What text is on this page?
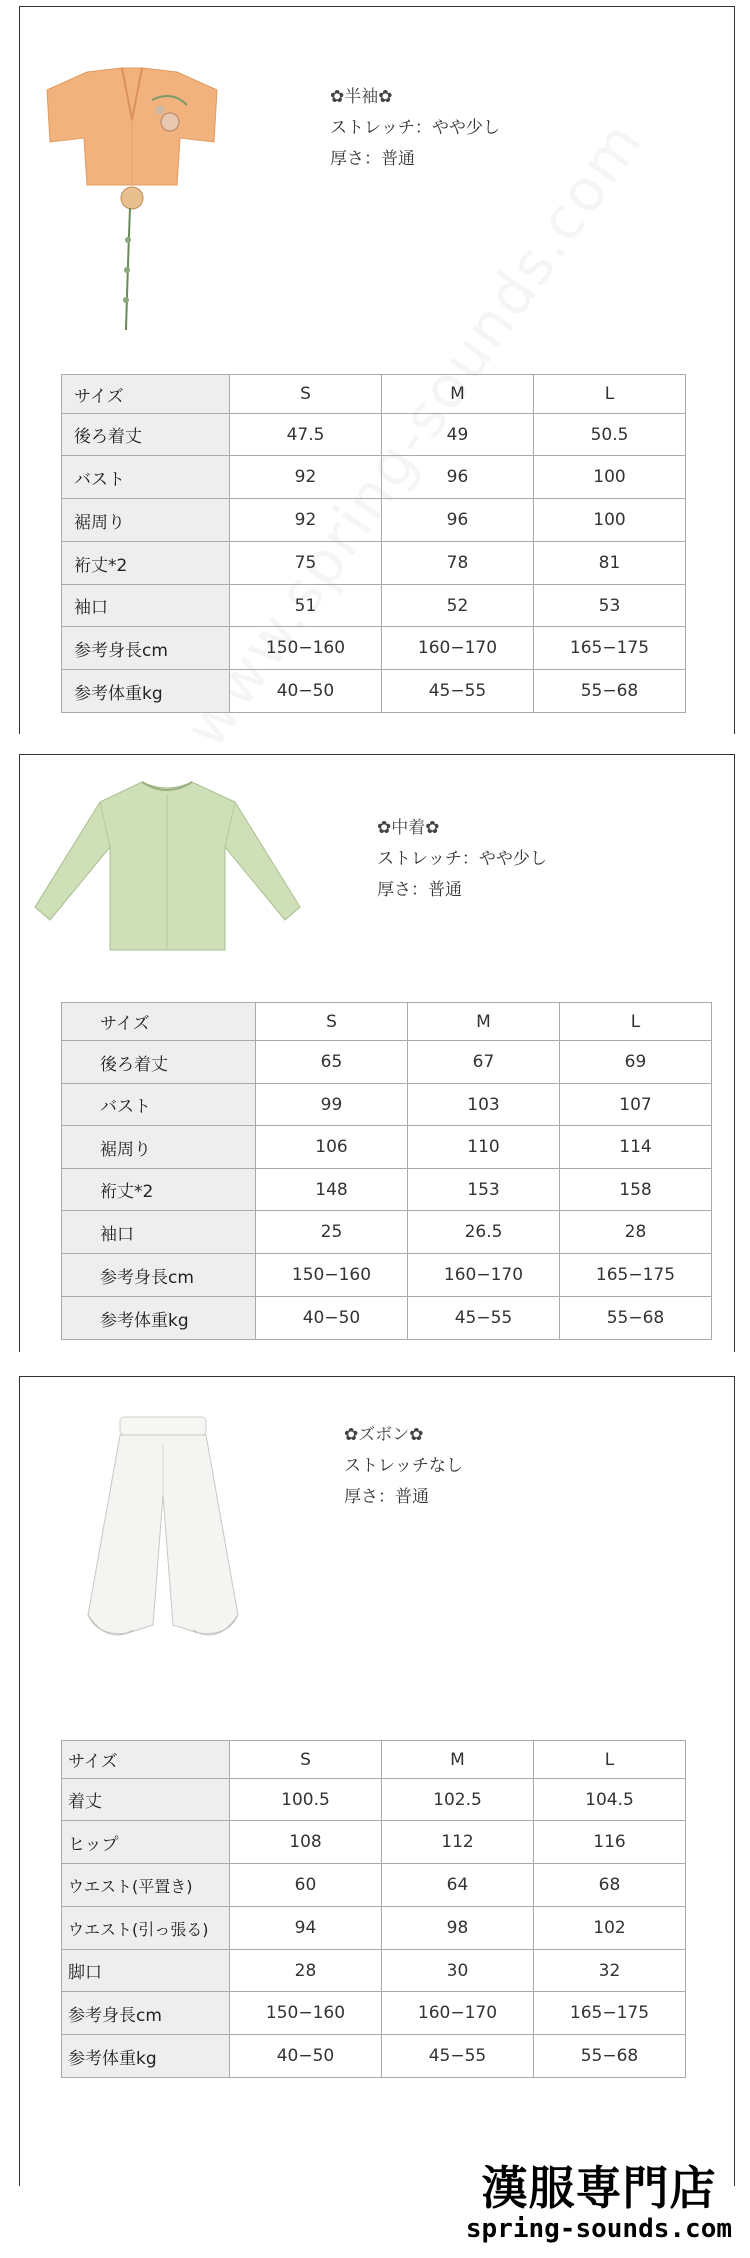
✿半袖✿
ストレッチ：やや少し
厚さ：普通
サイズ	S	M	L
後ろ着丈	47.5	49	50.5
バスト	92	96	100
裾周り	92	96	100
裄丈*2	75	78	81
袖口	51	52	53
参考身長cm	150−160	160−170	165−175
参考体重kg	40−50	45−55	55−68
✿中着✿
ストレッチ：やや少し
厚さ：普通
サイズ	S	M	L
後ろ着丈	65	67	69
バスト	99	103	107
裾周り	106	110	114
裄丈*2	148	153	158
袖口	25	26.5	28
参考身長cm	150−160	160−170	165−175
参考体重kg	40−50	45−55	55−68
✿ズボン✿
ストレッチなし
厚さ：普通
サイズ	S	M	L
着丈	100.5	102.5	104.5
ヒップ	108	112	116
ウエスト(平置き)	60	64	68
ウエスト(引っ張る)	94	98	102
脚口	28	30	32
参考身長cm	150−160	160−170	165−175
参考体重kg	40−50	45−55	55−68
漢服専門店
spring-sounds.com
